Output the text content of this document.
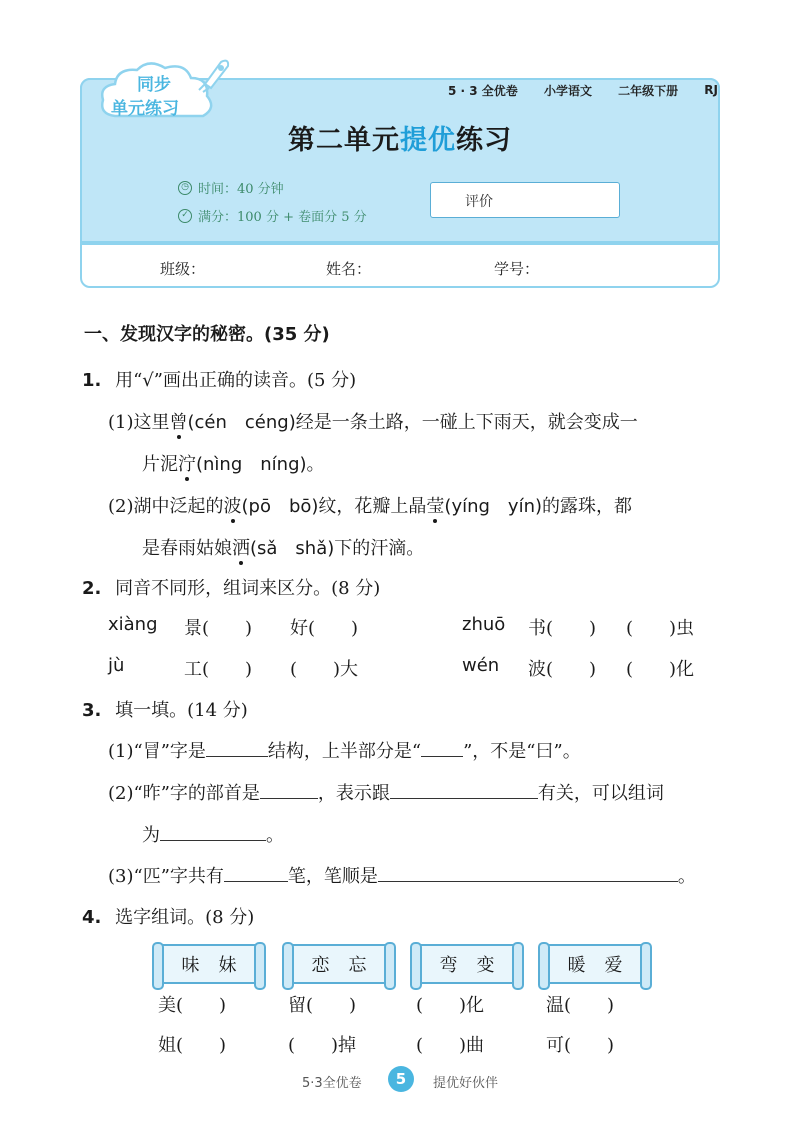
5 · 3 全优卷 小学语文 二年级下册 RJ
同步
单元练习
第二单元提优练习
◷ 时间：40 分钟
✓ 满分：100 分 + 卷面分 5 分
评价
班级：	姓名：	学号：
一、发现汉字的秘密。(35 分)
1. 用“√”画出正确的读音。(5 分)
(1)这里曾(cén　céng)经是一条土路，一碰上下雨天，就会变成一
片泥泞(nìng　níng)。
(2)湖中泛起的波(pō　bō)纹，花瓣上晶莹(yíng　yín)的露珠，都
是春雨姑娘洒(sǎ　shǎ)下的汗滴。
2. 同音不同形，组词来区分。(8 分)
xiàng 景(　　) 好(　　)	zhuō 书(　　) (　　)虫
jù	工(　　) (　　)大	wén 波(　　) (　　)化
3. 填一填。(14 分)
(1)“冒”字是	结构，上半部分是“ ”，不是“曰”。
(2)“昨”字的部首是	，表示跟	有关，可以组词
为	。
(3)“匹”字共有	笔，笔顺是	。
4. 选字组词。(8 分)
味 妹	恋 忘	弯 变	暖 爱
美(　　)	留(　　)	(　　)化	温(　　)
姐(　　)	(　　)掉	(　　)曲	可(　　)
5·3全优卷	5	提优好伙伴
